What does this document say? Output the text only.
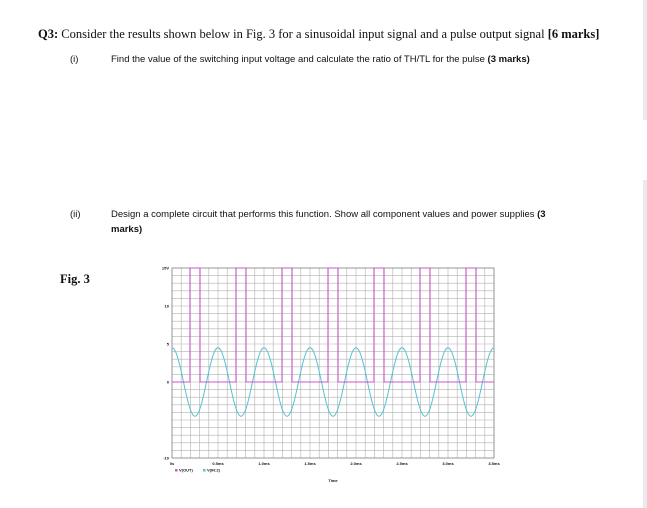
Q3: Consider the results shown below in Fig. 3 for a sinusoidal input signal and a pulse output signal [6 marks]
(i)	Find the value of the switching input voltage and calculate the ratio of TH/TL for the pulse (3 marks)
(ii)	Design a complete circuit that performs this function. Show all component values and power supplies (3
marks)
Fig. 3
15V
10
5
0
-10
0s	0.5ms	1.0ms	1.5ms	2.0ms	2.5ms	3.0ms	3.5ms
Time
V(OUT)	V(IN:2)
